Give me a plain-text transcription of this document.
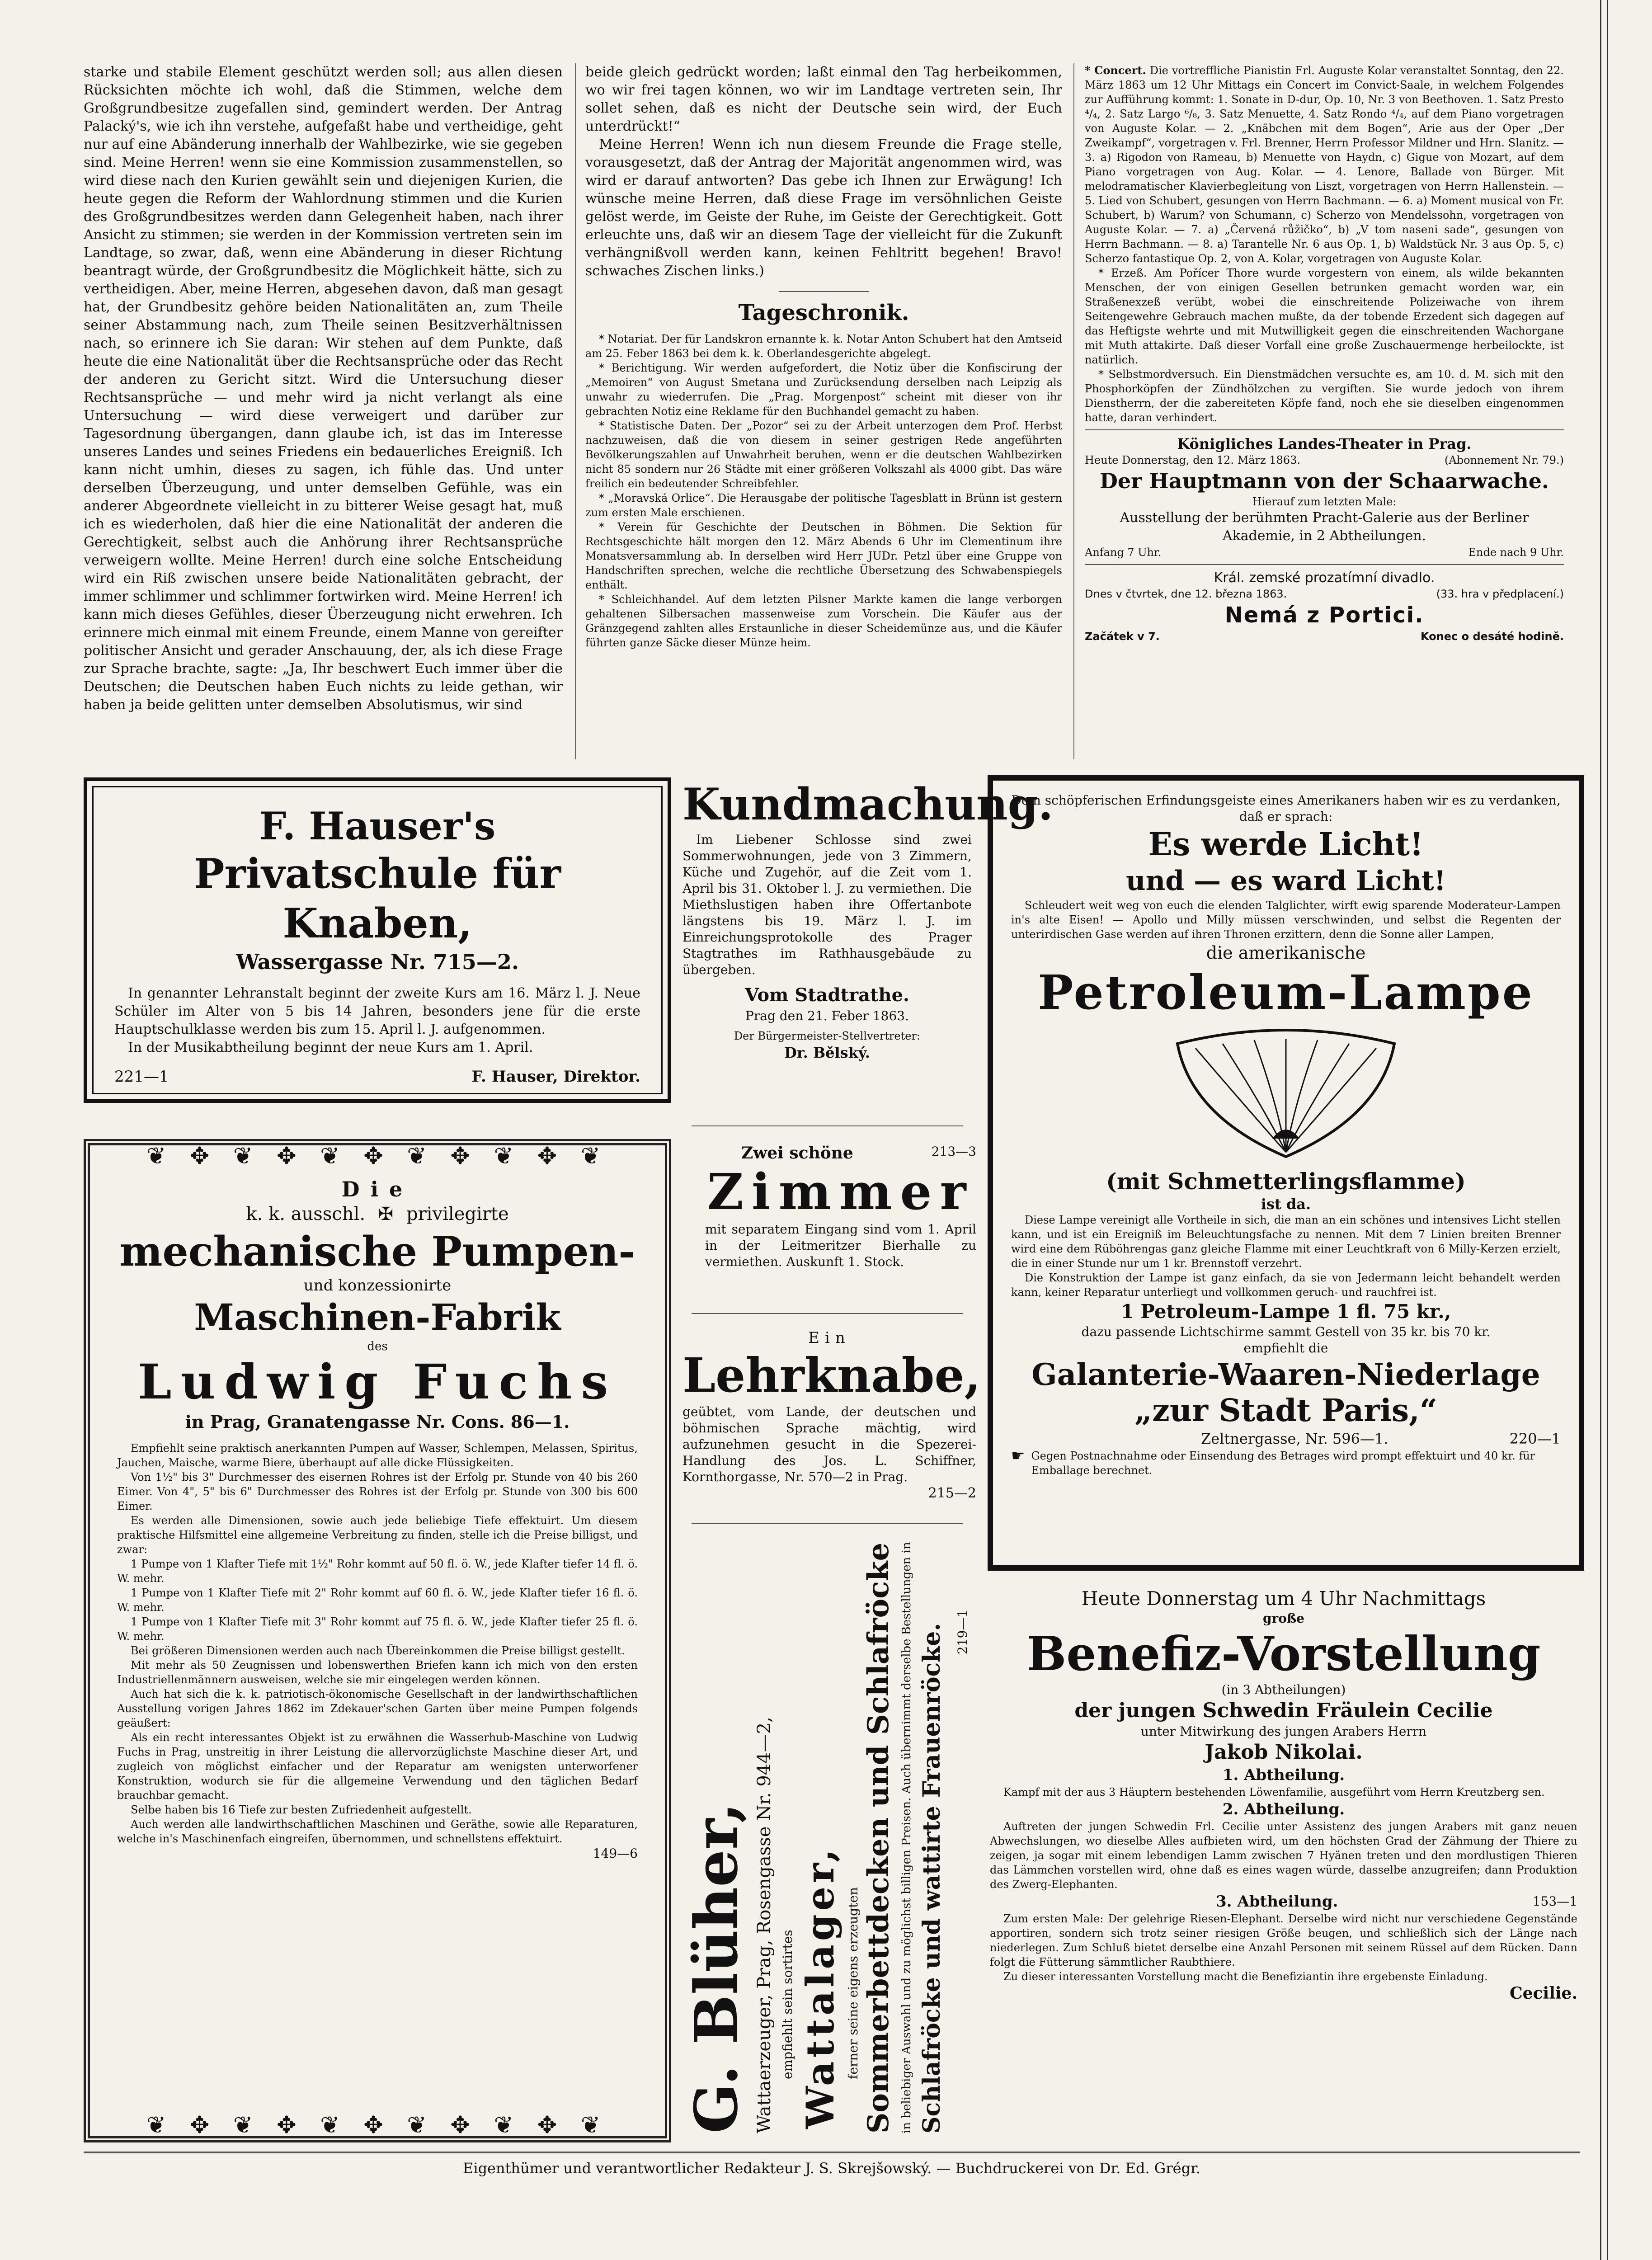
starke und stabile Element geschützt werden soll; aus allen diesen Rücksichten möchte ich wohl, daß die Stimmen, welche dem Großgrundbesitze zugefallen sind, gemindert werden. Der Antrag Palacký's, wie ich ihn verstehe, aufgefaßt habe und vertheidige, geht nur auf eine Abänderung innerhalb der Wahlbezirke, wie sie gegeben sind. Meine Herren! wenn sie eine Kommission zusammenstellen, so wird diese nach den Kurien gewählt sein und diejenigen Kurien, die heute gegen die Reform der Wahlordnung stimmen und die Kurien des Großgrundbesitzes werden dann Gelegenheit haben, nach ihrer Ansicht zu stimmen; sie werden in der Kommission vertreten sein im Landtage, so zwar, daß, wenn eine Abänderung in dieser Richtung beantragt würde, der Großgrundbesitz die Möglichkeit hätte, sich zu vertheidigen. Aber, meine Herren, abgesehen davon, daß man gesagt hat, der Grundbesitz gehöre beiden Nationalitäten an, zum Theile seiner Abstammung nach, zum Theile seinen Besitzverhältnissen nach, so erinnere ich Sie daran: Wir stehen auf dem Punkte, daß heute die eine Nationalität über die Rechtsansprüche oder das Recht der anderen zu Gericht sitzt. Wird die Untersuchung dieser Rechtsansprüche — und mehr wird ja nicht verlangt als eine Untersuchung — wird diese verweigert und darüber zur Tagesordnung übergangen, dann glaube ich, ist das im Interesse unseres Landes und seines Friedens ein bedauerliches Ereigniß. Ich kann nicht umhin, dieses zu sagen, ich fühle das. Und unter derselben Überzeugung, und unter demselben Gefühle, was ein anderer Abgeordnete vielleicht in zu bitterer Weise gesagt hat, muß ich es wiederholen, daß hier die eine Nationalität der anderen die Gerechtigkeit, selbst auch die Anhörung ihrer Rechtsansprüche verweigern wollte. Meine Herren! durch eine solche Entscheidung wird ein Riß zwischen unsere beide Nationalitäten gebracht, der immer schlimmer und schlimmer fortwirken wird. Meine Herren! ich kann mich dieses Gefühles, dieser Überzeugung nicht erwehren. Ich erinnere mich einmal mit einem Freunde, einem Manne von gereifter politischer Ansicht und gerader Anschauung, der, als ich diese Frage zur Sprache brachte, sagte: „Ja, Ihr beschwert Euch immer über die Deutschen; die Deutschen haben Euch nichts zu leide gethan, wir haben ja beide gelitten unter demselben Absolutismus, wir sind

beide gleich gedrückt worden; laßt einmal den Tag herbeikommen, wo wir frei tagen können, wo wir im Landtage vertreten sein, Ihr sollet sehen, daß es nicht der Deutsche sein wird, der Euch unterdrückt!“

Meine Herren! Wenn ich nun diesem Freunde die Frage stelle, vorausgesetzt, daß der Antrag der Majorität angenommen wird, was wird er darauf antworten? Das gebe ich Ihnen zur Erwägung! Ich wünsche meine Herren, daß diese Frage im versöhnlichen Geiste gelöst werde, im Geiste der Ruhe, im Geiste der Gerechtigkeit. Gott erleuchte uns, daß wir an diesem Tage der vielleicht für die Zukunft verhängnißvoll werden kann, keinen Fehltritt begehen! Bravo! schwaches Zischen links.)

Tageschronik.

* Notariat. Der für Landskron ernannte k. k. Notar Anton Schubert hat den Amtseid am 25. Feber 1863 bei dem k. k. Oberlandesgerichte abgelegt.

* Berichtigung. Wir werden aufgefordert, die Notiz über die Konfiscirung der „Memoiren“ von August Smetana und Zurücksendung derselben nach Leipzig als unwahr zu wiederrufen. Die „Prag. Morgenpost“ scheint mit dieser von ihr gebrachten Notiz eine Reklame für den Buchhandel gemacht zu haben.

* Statistische Daten. Der „Pozor“ sei zu der Arbeit unterzogen dem Prof. Herbst nachzuweisen, daß die von diesem in seiner gestrigen Rede angeführten Bevölkerungszahlen auf Unwahrheit beruhen, wenn er die deutschen Wahlbezirken nicht 85 sondern nur 26 Städte mit einer größeren Volkszahl als 4000 gibt. Das wäre freilich ein bedeutender Schreibfehler.

* „Moravská Orlice“. Die Herausgabe der politische Tagesblatt in Brünn ist gestern zum ersten Male erschienen.

* Verein für Geschichte der Deutschen in Böhmen. Die Sektion für Rechtsgeschichte hält morgen den 12. März Abends 6 Uhr im Clementinum ihre Monatsversammlung ab. In derselben wird Herr JUDr. Petzl über eine Gruppe von Handschriften sprechen, welche die rechtliche Übersetzung des Schwabenspiegels enthält.

* Schleichhandel. Auf dem letzten Pilsner Markte kamen die lange verborgen gehaltenen Silbersachen massenweise zum Vorschein. Die Käufer aus der Gränzgegend zahlten alles Erstaunliche in dieser Scheidemünze aus, und die Käufer führten ganze Säcke dieser Münze heim.

* Concert. Die vortreffliche Pianistin Frl. Auguste Kolar veranstaltet Sonntag, den 22. März 1863 um 12 Uhr Mittags ein Concert im Convict-Saale, in welchem Folgendes zur Aufführung kommt: 1. Sonate in D-dur, Op. 10, Nr. 3 von Beethoven. 1. Satz Presto ⁴/₄, 2. Satz Largo ⁶/₈, 3. Satz Menuette, 4. Satz Rondo ⁴/₄, auf dem Piano vorgetragen von Auguste Kolar. — 2. „Knäbchen mit dem Bogen“, Arie aus der Oper „Der Zweikampf“, vorgetragen v. Frl. Brenner, Herrn Professor Mildner und Hrn. Slanitz. — 3. a) Rigodon von Rameau, b) Menuette von Haydn, c) Gigue von Mozart, auf dem Piano vorgetragen von Aug. Kolar. — 4. Lenore, Ballade von Bürger. Mit melodramatischer Klavierbegleitung von Liszt, vorgetragen von Herrn Hallenstein. — 5. Lied von Schubert, gesungen von Herrn Bachmann. — 6. a) Moment musical von Fr. Schubert, b) Warum? von Schumann, c) Scherzo von Mendelssohn, vorgetragen von Auguste Kolar. — 7. a) „Červená růžičko“, b) „V tom naseni sade“, gesungen von Herrn Bachmann. — 8. a) Tarantelle Nr. 6 aus Op. 1, b) Waldstück Nr. 3 aus Op. 5, c) Scherzo fantastique Op. 2, von A. Kolar, vorgetragen von Auguste Kolar.

* Erzeß. Am Pořícer Thore wurde vorgestern von einem, als wilde bekannten Menschen, der von einigen Gesellen betrunken gemacht worden war, ein Straßenexzeß verübt, wobei die einschreitende Polizeiwache von ihrem Seitengewehre Gebrauch machen mußte, da der tobende Erzedent sich dagegen auf das Heftigste wehrte und mit Mutwilligkeit gegen die einschreitenden Wachorgane mit Muth attakirte. Daß dieser Vorfall eine große Zuschauermenge herbeilockte, ist natürlich.

* Selbstmordversuch. Ein Dienstmädchen versuchte es, am 10. d. M. sich mit den Phosphorköpfen der Zündhölzchen zu vergiften. Sie wurde jedoch von ihrem Dienstherrn, der die zabereiteten Köpfe fand, noch ehe sie dieselben eingenommen hatte, daran verhindert.

Königliches Landes-Theater in Prag.
Heute Donnerstag, den 12. März 1863.	(Abonnement Nr. 79.)
Der Hauptmann von der Schaarwache.
Hierauf zum letzten Male:
Ausstellung der berühmten Pracht-Galerie aus der Berliner Akademie, in 2 Abtheilungen.
Anfang 7 Uhr.	Ende nach 9 Uhr.
Král. zemské prozatímní divadlo.
Dnes v čtvrtek, dne 12. března 1863.	(33. hra v předplacení.)
Nemá z Portici.
Začátek v 7.	Konec o desáté hodině.
F. Hauser's
Privatschule für Knaben,
Wassergasse Nr. 715—2.

In genannter Lehranstalt beginnt der zweite Kurs am 16. März l. J. Neue Schüler im Alter von 5 bis 14 Jahren, besonders jene für die erste Hauptschulklasse werden bis zum 15. April l. J. aufgenommen.

In der Musikabtheilung beginnt der neue Kurs am 1. April.

221—1	F. Hauser, Direktor.
Kundmachung.

Im Liebener Schlosse sind zwei Sommerwohnungen, jede von 3 Zimmern, Küche und Zugehör, auf die Zeit vom 1. April bis 31. Oktober l. J. zu vermiethen. Die Miethslustigen haben ihre Offertanbote längstens bis 19. März l. J. im Einreichungsprotokolle des Prager Stagtrathes im Rathhausgebäude zu übergeben.

Vom Stadtrathe.
Prag den 21. Feber 1863.
Der Bürgermeister-Stellvertreter:
Dr. Bělský.
Zwei schöne	213—3
Zimmer

mit separatem Eingang sind vom 1. April in der Leitmeritzer Bierhalle zu vermiethen. Auskunft 1. Stock.

Ein
Lehrknabe,

geübtet, vom Lande, der deutschen und böhmischen Sprache mächtig, wird aufzunehmen gesucht in die Spezerei-Handlung des Jos. L. Schiffner, Kornthorgasse, Nr. 570—2 in Prag.

215—2
G. Blüher, Wattaerzeuger, Prag, Rosengasse Nr. 944—2, empfiehlt sein sortirtes Wattalager, ferner seine eigens erzeugten Sommerbettdecken und Schlafröcke in beliebiger Auswahl und zu möglichst billigen Preisen. Auch übernimmt derselbe Bestellungen in Schlafröcke und wattirte Frauenröcke. 219—1
❦ ✥ ❦ ✥ ❦ ✥ ❦ ✥ ❦ ✥ ❦
❦ ✥ ❦ ✥ ❦ ✥ ❦ ✥ ❦ ✥ ❦
Die
k. k. ausschl. ✠ privilegirte
mechanische Pumpen-
und konzessionirte
Maschinen-Fabrik
des
Ludwig Fuchs
in Prag, Granatengasse Nr. Cons. 86—1.

Empfiehlt seine praktisch anerkannten Pumpen auf Wasser, Schlempen, Melassen, Spiritus, Jauchen, Maische, warme Biere, überhaupt auf alle dicke Flüssigkeiten.

Von 1½" bis 3" Durchmesser des eisernen Rohres ist der Erfolg pr. Stunde von 40 bis 260 Eimer. Von 4", 5" bis 6" Durchmesser des Rohres ist der Erfolg pr. Stunde von 300 bis 600 Eimer.

Es werden alle Dimensionen, sowie auch jede beliebige Tiefe effektuirt. Um diesem praktische Hilfsmittel eine allgemeine Verbreitung zu finden, stelle ich die Preise billigst, und zwar:

1 Pumpe von 1 Klafter Tiefe mit 1½" Rohr kommt auf 50 fl. ö. W., jede Klafter tiefer 14 fl. ö. W. mehr.

1 Pumpe von 1 Klafter Tiefe mit 2" Rohr kommt auf 60 fl. ö. W., jede Klafter tiefer 16 fl. ö. W. mehr.

1 Pumpe von 1 Klafter Tiefe mit 3" Rohr kommt auf 75 fl. ö. W., jede Klafter tiefer 25 fl. ö. W. mehr.

Bei größeren Dimensionen werden auch nach Übereinkommen die Preise billigst gestellt.

Mit mehr als 50 Zeugnissen und lobenswerthen Briefen kann ich mich von den ersten Industriellenmännern ausweisen, welche sie mir eingelegen werden können.

Auch hat sich die k. k. patriotisch-ökonomische Gesellschaft in der landwirthschaftlichen Ausstellung vorigen Jahres 1862 im Zdekauer'schen Garten über meine Pumpen folgends geäußert:

Als ein recht interessantes Objekt ist zu erwähnen die Wasserhub-Maschine von Ludwig Fuchs in Prag, unstreitig in ihrer Leistung die allervorzüglichste Maschine dieser Art, und zugleich von möglichst einfacher und der Reparatur am wenigsten unterworfener Konstruktion, wodurch sie für die allgemeine Verwendung und den täglichen Bedarf brauchbar gemacht.

Selbe haben bis 16 Tiefe zur besten Zufriedenheit aufgestellt.

Auch werden alle landwirthschaftlichen Maschinen und Geräthe, sowie alle Reparaturen, welche in's Maschinenfach eingreifen, übernommen, und schnellstens effektuirt.

149—6
Dem schöpferischen Erfindungsgeiste eines Amerikaners haben wir es zu verdanken, daß er sprach:
Es werde Licht!
und — es ward Licht!

Schleudert weit weg von euch die elenden Talglichter, wirft ewig sparende Moderateur-Lampen in's alte Eisen! — Apollo und Milly müssen verschwinden, und selbst die Regenten der unterirdischen Gase werden auf ihren Thronen erzittern, denn die Sonne aller Lampen,

die amerikanische
Petroleum-Lampe
(mit Schmetterlingsflamme)
ist da.

Diese Lampe vereinigt alle Vortheile in sich, die man an ein schönes und intensives Licht stellen kann, und ist ein Ereigniß im Beleuchtungsfache zu nennen. Mit dem 7 Linien breiten Brenner wird eine dem Rüböhrengas ganz gleiche Flamme mit einer Leuchtkraft von 6 Milly-Kerzen erzielt, die in einer Stunde nur um 1 kr. Brennstoff verzehrt.

Die Konstruktion der Lampe ist ganz einfach, da sie von Jedermann leicht behandelt werden kann, keiner Reparatur unterliegt und vollkommen geruch- und rauchfrei ist.

1 Petroleum-Lampe 1 fl. 75 kr.,
dazu passende Lichtschirme sammt Gestell von 35 kr. bis 70 kr.
empfiehlt die
Galanterie-Waaren-Niederlage
„zur Stadt Paris,“
Zeltnergasse, Nr. 596—1.	220—1
☛ Gegen Postnachnahme oder Einsendung des Betrages wird prompt effektuirt und 40 kr. für Emballage berechnet.
Heute Donnerstag um 4 Uhr Nachmittags
große
Benefiz-Vorstellung
(in 3 Abtheilungen)
der jungen Schwedin Fräulein Cecilie
unter Mitwirkung des jungen Arabers Herrn
Jakob Nikolai.
1. Abtheilung.

Kampf mit der aus 3 Häuptern bestehenden Löwenfamilie, ausgeführt vom Herrn Kreutzberg sen.

2. Abtheilung.

Auftreten der jungen Schwedin Frl. Cecilie unter Assistenz des jungen Arabers mit ganz neuen Abwechslungen, wo dieselbe Alles aufbieten wird, um den höchsten Grad der Zähmung der Thiere zu zeigen, ja sogar mit einem lebendigen Lamm zwischen 7 Hyänen treten und den mordlustigen Thieren das Lämmchen vorstellen wird, ohne daß es eines wagen würde, dasselbe anzugreifen; dann Produktion des Zwerg-Elephanten.

3. Abtheilung.	153—1

Zum ersten Male: Der gelehrige Riesen-Elephant. Derselbe wird nicht nur verschiedene Gegenstände apportiren, sondern sich trotz seiner riesigen Größe beugen, und schließlich sich der Länge nach niederlegen. Zum Schluß bietet derselbe eine Anzahl Personen mit seinem Rüssel auf dem Rücken. Dann folgt die Fütterung sämmtlicher Raubthiere.

Zu dieser interessanten Vorstellung macht die Benefiziantin ihre ergebenste Einladung.

Cecilie.
Eigenthümer und verantwortlicher Redakteur J. S. Skrejšowský. — Buchdruckerei von Dr. Ed. Grégr.
